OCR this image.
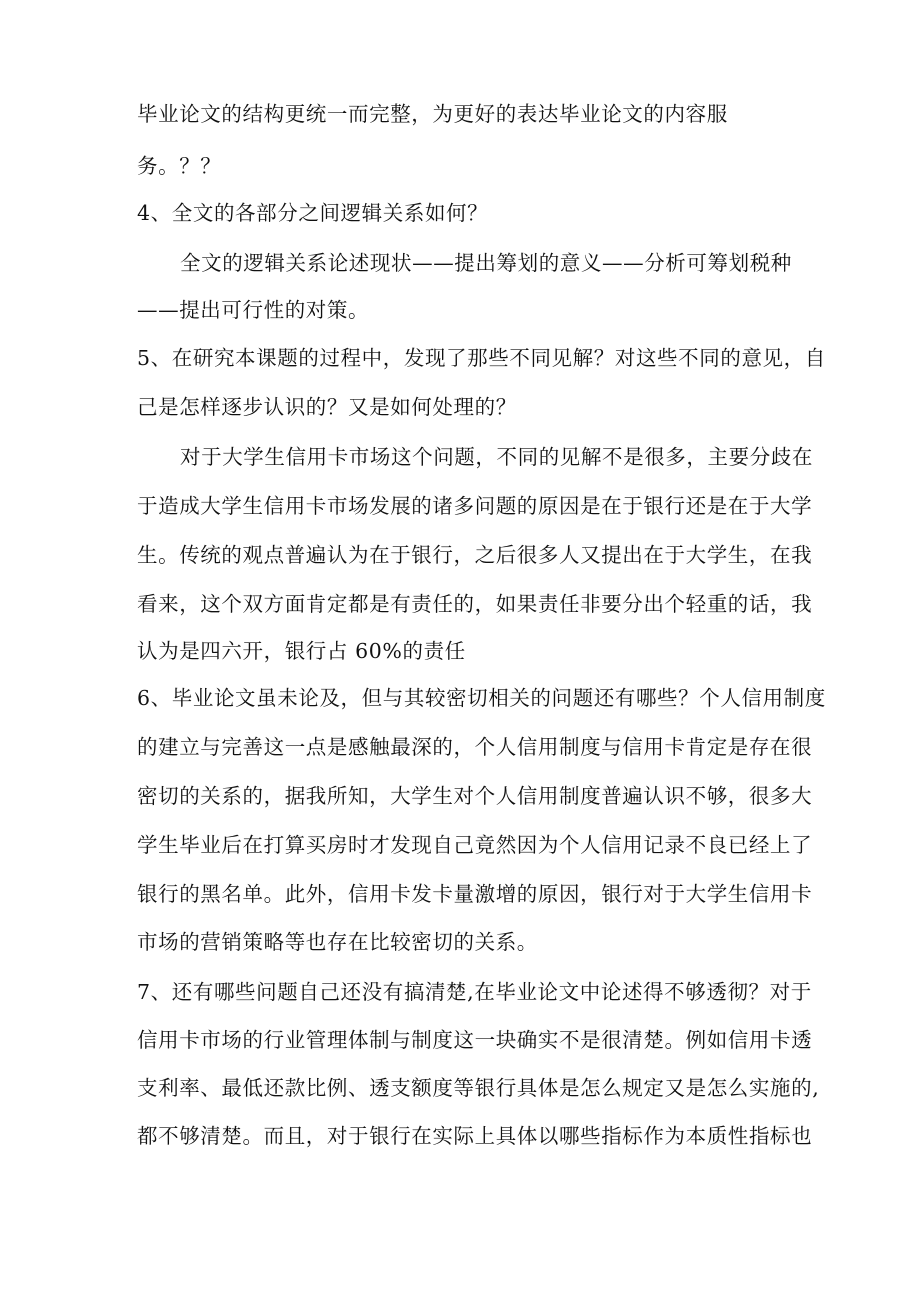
毕业论文的结构更统一而完整，为更好的表达毕业论文的内容服

务。？？

4、全文的各部分之间逻辑关系如何？

全文的逻辑关系论述现状——提出筹划的意义——分析可筹划税种

——提出可行性的对策。

5、在研究本课题的过程中，发现了那些不同见解？对这些不同的意见，自

己是怎样逐步认识的？又是如何处理的？

对于大学生信用卡市场这个问题，不同的见解不是很多，主要分歧在

于造成大学生信用卡市场发展的诸多问题的原因是在于银行还是在于大学

生。传统的观点普遍认为在于银行，之后很多人又提出在于大学生，在我

看来，这个双方面肯定都是有责任的，如果责任非要分出个轻重的话，我

认为是四六开，银行占 60%的责任

6、毕业论文虽未论及，但与其较密切相关的问题还有哪些？个人信用制度

的建立与完善这一点是感触最深的，个人信用制度与信用卡肯定是存在很

密切的关系的，据我所知，大学生对个人信用制度普遍认识不够，很多大

学生毕业后在打算买房时才发现自己竟然因为个人信用记录不良已经上了

银行的黑名单。此外，信用卡发卡量激增的原因，银行对于大学生信用卡

市场的营销策略等也存在比较密切的关系。

7、还有哪些问题自己还没有搞清楚,在毕业论文中论述得不够透彻？对于

信用卡市场的行业管理体制与制度这一块确实不是很清楚。例如信用卡透

支利率、最低还款比例、透支额度等银行具体是怎么规定又是怎么实施的,

都不够清楚。而且，对于银行在实际上具体以哪些指标作为本质性指标也
